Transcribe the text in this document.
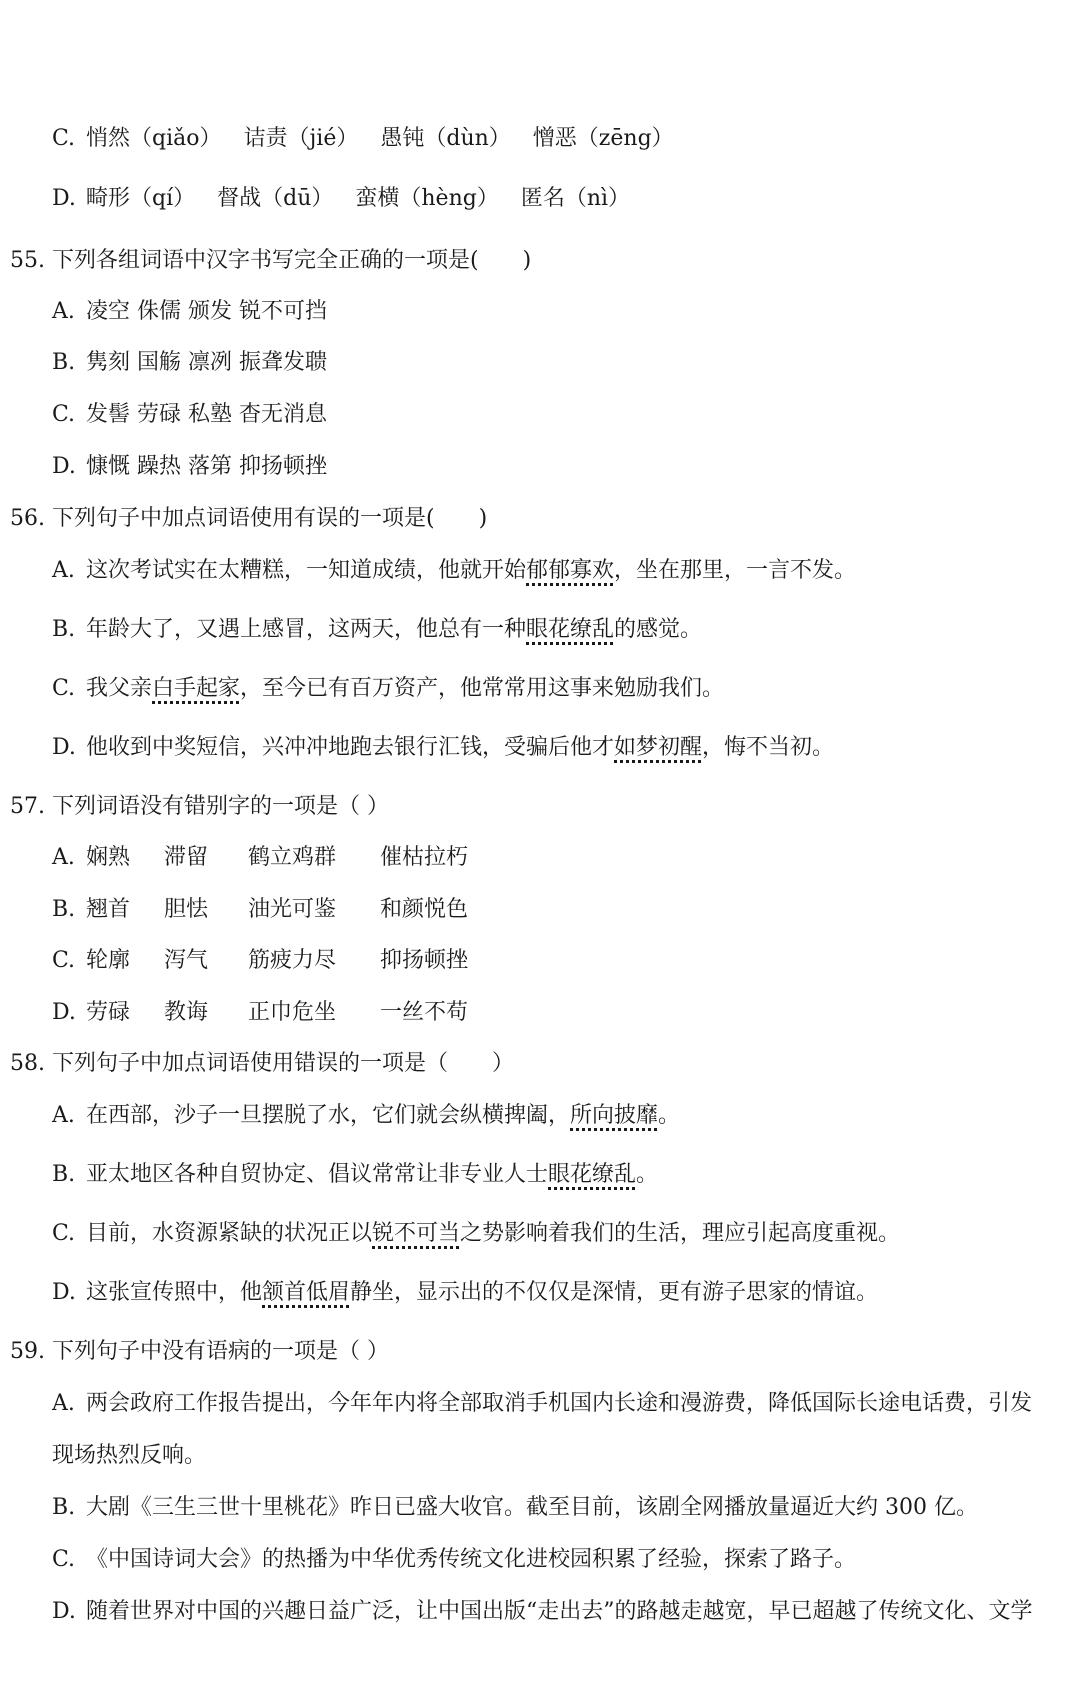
C. 悄然（qiǎo） 诘责（jié） 愚钝（dùn） 憎恶（zēng）
D. 畸形（qí） 督战（dū） 蛮横（hèng） 匿名（nì）
55. 下列各组词语中汉字书写完全正确的一项是(　　)
A. 凌空 侏儒 颁发 锐不可挡
B. 隽刻 国觞 凛冽 振聋发聩
C. 发髻 劳碌 私塾 杳无消息
D. 慷慨 躁热 落第 抑扬顿挫
56. 下列句子中加点词语使用有误的一项是(　　)
A. 这次考试实在太糟糕，一知道成绩，他就开始郁郁寡欢，坐在那里，一言不发。
B. 年龄大了，又遇上感冒，这两天，他总有一种眼花缭乱的感觉。
C. 我父亲白手起家，至今已有百万资产，他常常用这事来勉励我们。
D. 他收到中奖短信，兴冲冲地跑去银行汇钱，受骗后他才如梦初醒，悔不当初。
57. 下列词语没有错别字的一项是（ ）
A. 娴熟 滞留 鹤立鸡群 催枯拉朽
B. 翘首 胆怯 油光可鉴 和颜悦色
C. 轮廓 泻气 筋疲力尽 抑扬顿挫
D. 劳碌 教诲 正巾危坐 一丝不苟
58. 下列句子中加点词语使用错误的一项是（　　）
A. 在西部，沙子一旦摆脱了水，它们就会纵横捭阖，所向披靡。
B. 亚太地区各种自贸协定、倡议常常让非专业人士眼花缭乱。
C. 目前，水资源紧缺的状况正以锐不可当之势影响着我们的生活，理应引起高度重视。
D. 这张宣传照中，他颔首低眉静坐，显示出的不仅仅是深情，更有游子思家的情谊。
59. 下列句子中没有语病的一项是（ ）
A. 两会政府工作报告提出，今年年内将全部取消手机国内长途和漫游费，降低国际长途电话费，引发
现场热烈反响。
B. 大剧《三生三世十里桃花》昨日已盛大收官。截至目前，该剧全网播放量逼近大约 300 亿。
C. 《中国诗词大会》的热播为中华优秀传统文化进校园积累了经验，探索了路子。
D. 随着世界对中国的兴趣日益广泛，让中国出版“走出去”的路越走越宽，早已超越了传统文化、文学
